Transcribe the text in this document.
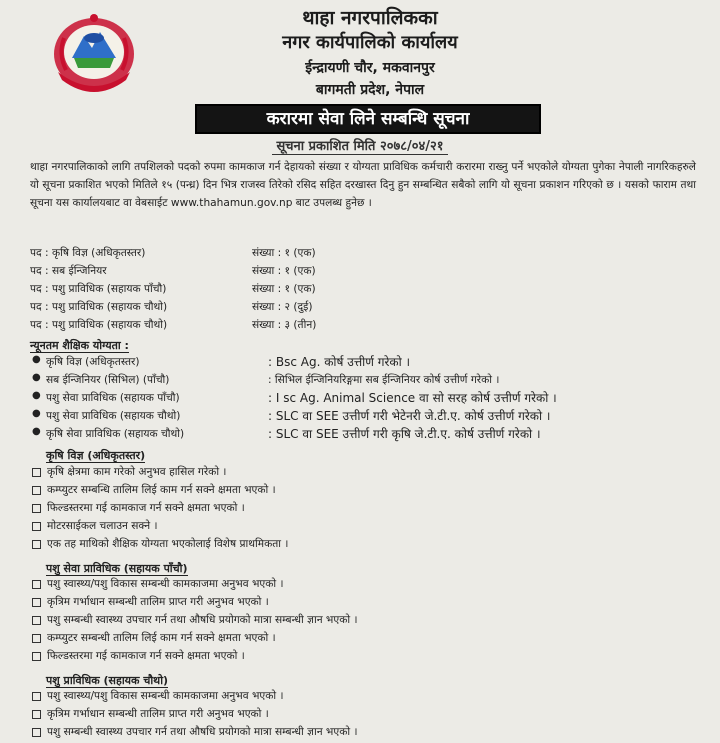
थाहा नगरपालिकका
नगर कार्यपालिको कार्यालय
ईन्द्रायणी चौर, मकवानपुर
बागमती प्रदेश, नेपाल
करारमा सेवा लिने सम्बन्धि सूचना
सूचना प्रकाशित मिति २०७८/०४/२१
थाहा नगरपालिकाको लागि तपशिलको पदको रुपमा कामकाज गर्न देहायको संख्या र योग्यता प्राविधिक कर्मचारी करारमा राख्नु पर्ने भएकोले योग्यता पुगेका नेपाली नागरिकहरुले यो सूचना प्रकाशित भएको मितिले १५ (पन्ध्र) दिन भित्र राजस्व तिरेको रसिद सहित दरखास्त दिनु हुन सम्बन्धित सबैको लागि यो सूचना प्रकाशन गरिएको छ । यसको फाराम तथा सूचना यस कार्यालयबाट वा वेबसाईट www.thahamun.gov.np बाट उपलब्ध हुनेछ ।
पद : कृषि विज्ञ (अधिकृतस्तर)	संख्या : १ (एक)
पद : सब ईन्जिनियर	संख्या : १ (एक)
पद : पशु प्राविधिक (सहायक पाँचौ)	संख्या : १ (एक)
पद : पशु प्राविधिक (सहायक चौथो)	संख्या : २ (दुई)
पद : पशु प्राविधिक (सहायक चौथो)	संख्या : ३ (तीन)
न्यूनतम शैक्षिक योग्यता :
● कृषि विज्ञ (अधिकृतस्तर)	: Bsc Ag. कोर्ष उत्तीर्ण गरेको ।
● सब ईन्जिनियर (सिभिल) (पाँचौ)	: सिभिल ईन्जिनियरिङ्गमा सब ईन्जिनियर कोर्ष उत्तीर्ण गरेको ।
● पशु सेवा प्राविधिक (सहायक पाँचौ)	: I sc Ag. Animal Science वा सो सरह कोर्ष उत्तीर्ण गरेको ।
● पशु सेवा प्राविधिक (सहायक चौथो)	: SLC वा SEE उत्तीर्ण गरी भेटेनरी जे.टी.ए. कोर्ष उत्तीर्ण गरेको ।
● कृषि सेवा प्राविधिक (सहायक चौथो)	: SLC वा SEE उत्तीर्ण गरी कृषि जे.टी.ए. कोर्ष उत्तीर्ण गरेको ।
कृषि विज्ञ (अधिकृतस्तर)
कृषि क्षेत्रमा काम गरेको अनुभव हासिल गरेको ।
कम्प्युटर सम्बन्धि तालिम लिई काम गर्न सक्ने क्षमता भएको ।
फिल्डस्तरमा गई कामकाज गर्न सक्ने क्षमता भएको ।
मोटरसाईकल चलाउन सक्ने ।
एक तह माथिको शैक्षिक योग्यता भएकोलाई विशेष प्राथमिकता ।
पशु सेवा प्राविधिक (सहायक पाँचौ)
पशु स्वास्थ्य/पशु विकास सम्बन्धी कामकाजमा अनुभव भएको ।
कृत्रिम गर्भाधान सम्बन्धी तालिम प्राप्त गरी अनुभव भएको ।
पशु सम्बन्धी स्वास्थ्य उपचार गर्न तथा औषधि प्रयोगको मात्रा सम्बन्धी ज्ञान भएको ।
कम्प्युटर सम्बन्धी तालिम लिई काम गर्न सक्ने क्षमता भएको ।
फिल्डस्तरमा गई कामकाज गर्न सक्ने क्षमता भएको ।
पशु प्राविधिक (सहायक चौथो)
पशु स्वास्थ्य/पशु विकास सम्बन्धी कामकाजमा अनुभव भएको ।
कृत्रिम गर्भाधान सम्बन्धी तालिम प्राप्त गरी अनुभव भएको ।
पशु सम्बन्धी स्वास्थ्य उपचार गर्न तथा औषधि प्रयोगको मात्रा सम्बन्धी ज्ञान भएको ।
